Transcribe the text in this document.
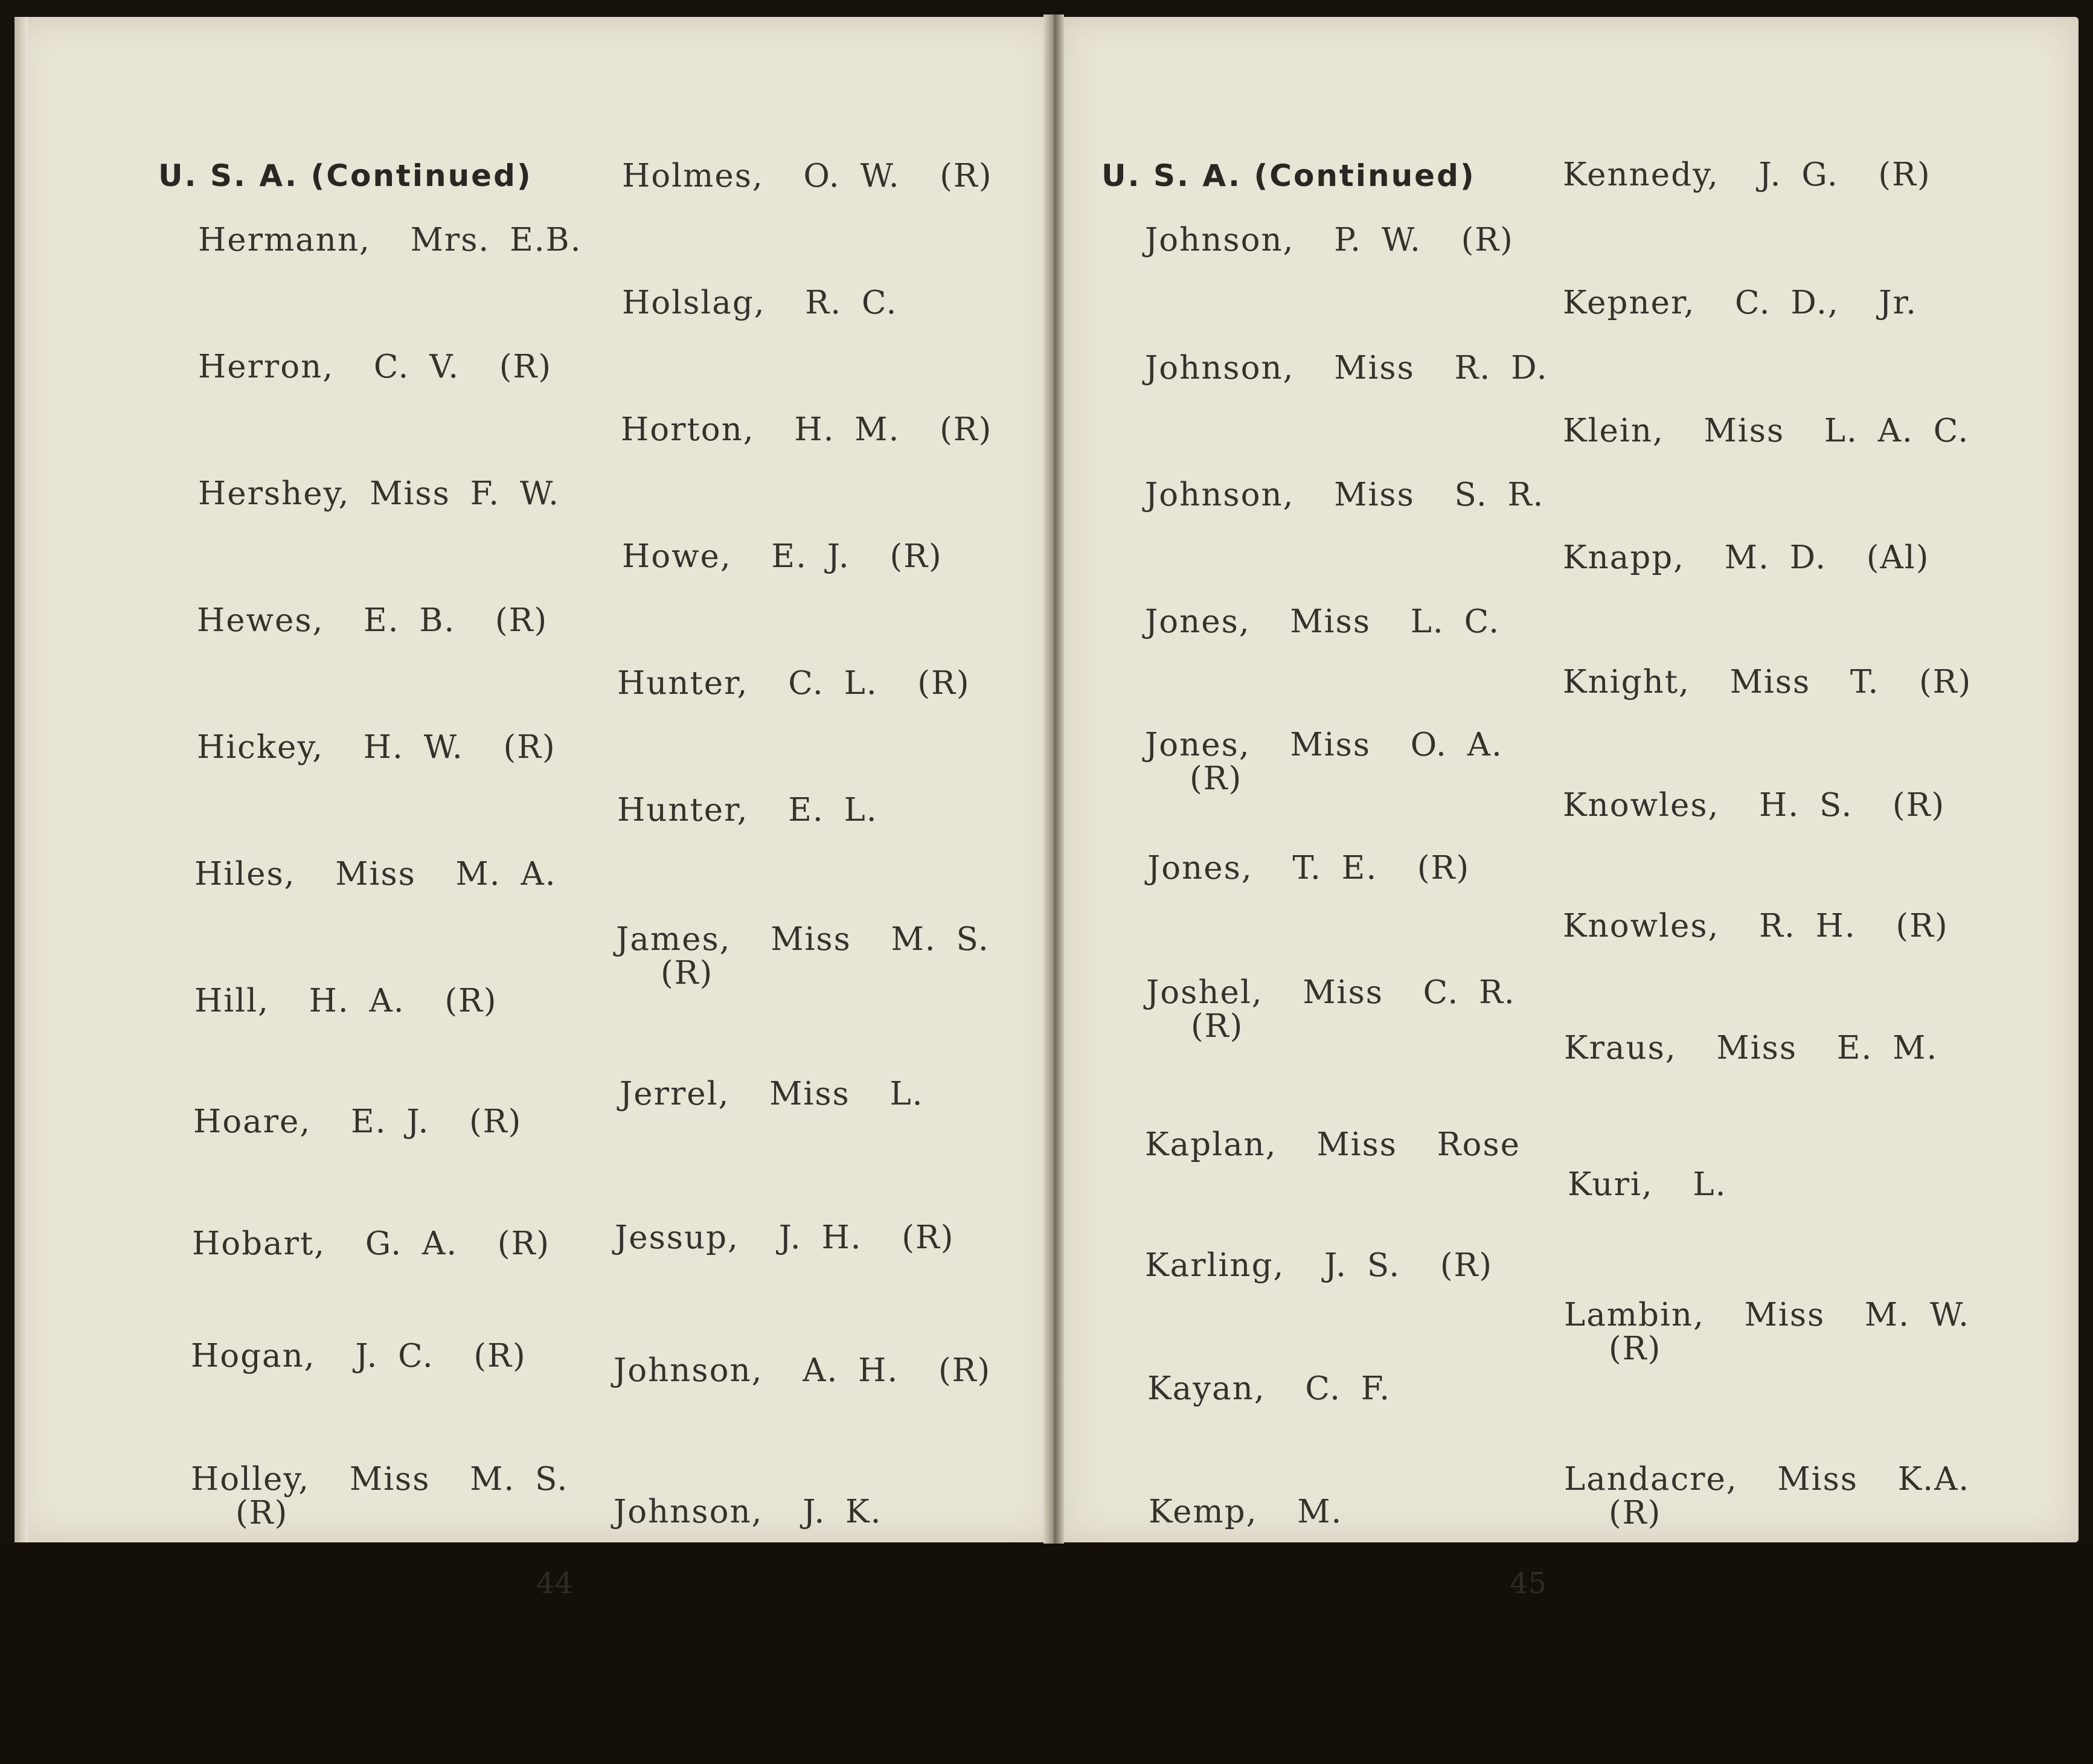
U. S. A. (Continued)
Hermann,  Mrs. E.B.
Herron,  C. V.  (R)
Hershey, Miss F. W.
Hewes,  E. B.  (R)
Hickey,  H. W.  (R)
Hiles,  Miss  M. A.
Hill,  H. A.  (R)
Hoare,  E. J.  (R)
Hobart,  G. A.  (R)
Hogan,  J. C.  (R)
Holley,  Miss  M. S.
(R)
Holmes,  O. W.  (R)
Holslag,  R. C.
Horton,  H. M.  (R)
Howe,  E. J.  (R)
Hunter,  C. L.  (R)
Hunter,  E. L.
James,  Miss  M. S.
(R)
Jerrel,  Miss  L.
Jessup,  J. H.  (R)
Johnson,  A. H.  (R)
Johnson,  J. K.
44
U. S. A. (Continued)
Johnson,  P. W.  (R)
Johnson,  Miss  R. D.
Johnson,  Miss  S. R.
Jones,  Miss  L. C.
Jones,  Miss  O. A.
(R)
Jones,  T. E.  (R)
Joshel,  Miss  C. R.
(R)
Kaplan,  Miss  Rose
Karling,  J. S.  (R)
Kayan,  C. F.
Kemp,  M.
Kennedy,  J. G.  (R)
Kepner,  C. D.,  Jr.
Klein,  Miss  L. A. C.
Knapp,  M. D.  (Al)
Knight,  Miss  T.  (R)
Knowles,  H. S.  (R)
Knowles,  R. H.  (R)
Kraus,  Miss  E. M.
Kuri,  L.
Lambin,  Miss  M. W.
(R)
Landacre,  Miss  K.A.
(R)
45
